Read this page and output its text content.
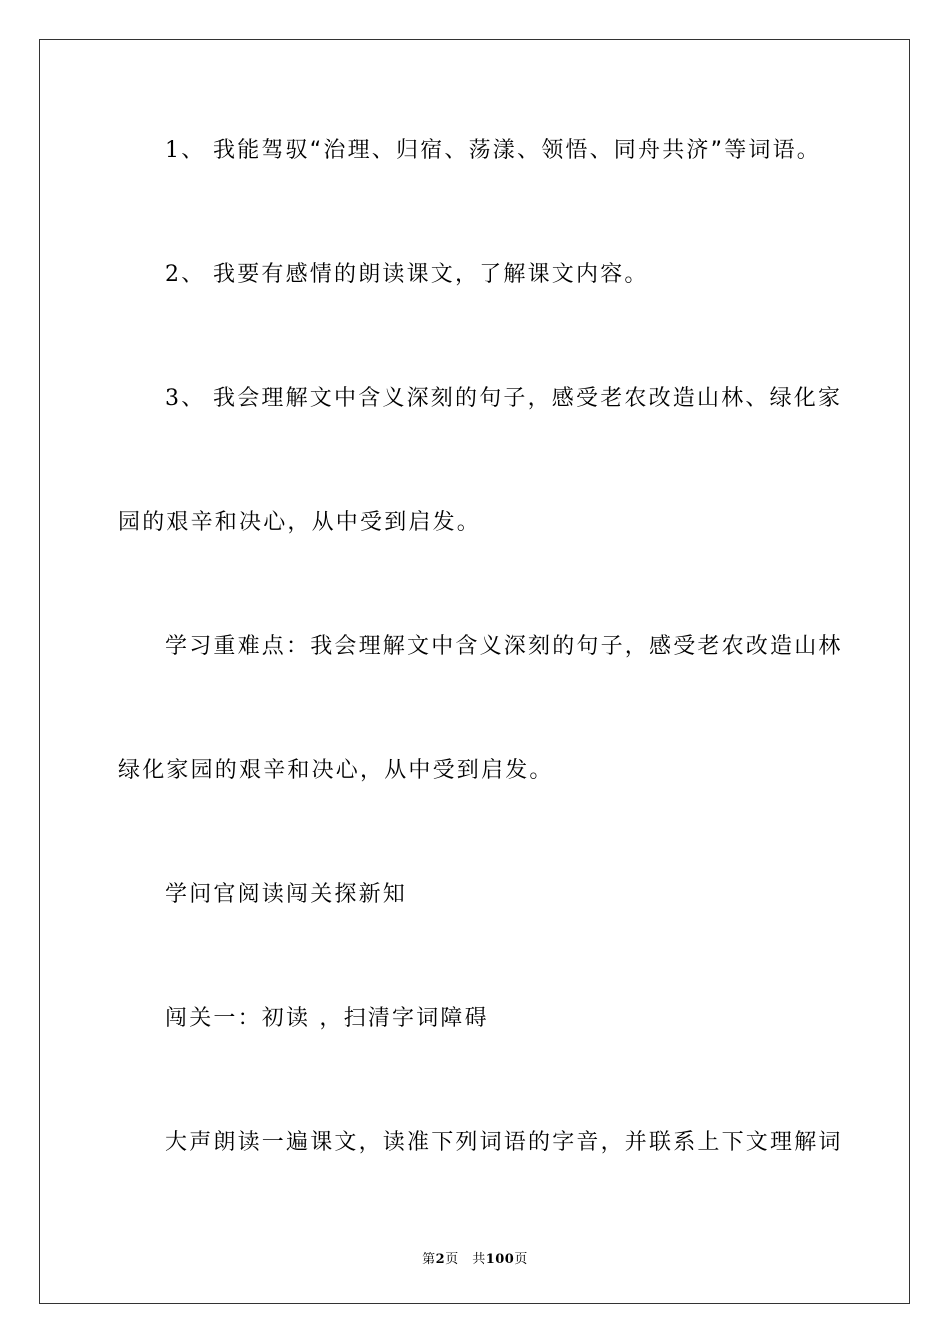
1、 我能驾驭“治理、归宿、荡漾、领悟、同舟共济”等词语。
2、 我要有感情的朗读课文，了解课文内容。
3、 我会理解文中含义深刻的句子，感受老农改造山林、绿化家
园的艰辛和决心，从中受到启发。
学习重难点：我会理解文中含义深刻的句子，感受老农改造山林
绿化家园的艰辛和决心，从中受到启发。
学问官阅读闯关探新知
闯关一：初读 ，扫清字词障碍
大声朗读一遍课文，读准下列词语的字音，并联系上下文理解词
第2页　共100页
